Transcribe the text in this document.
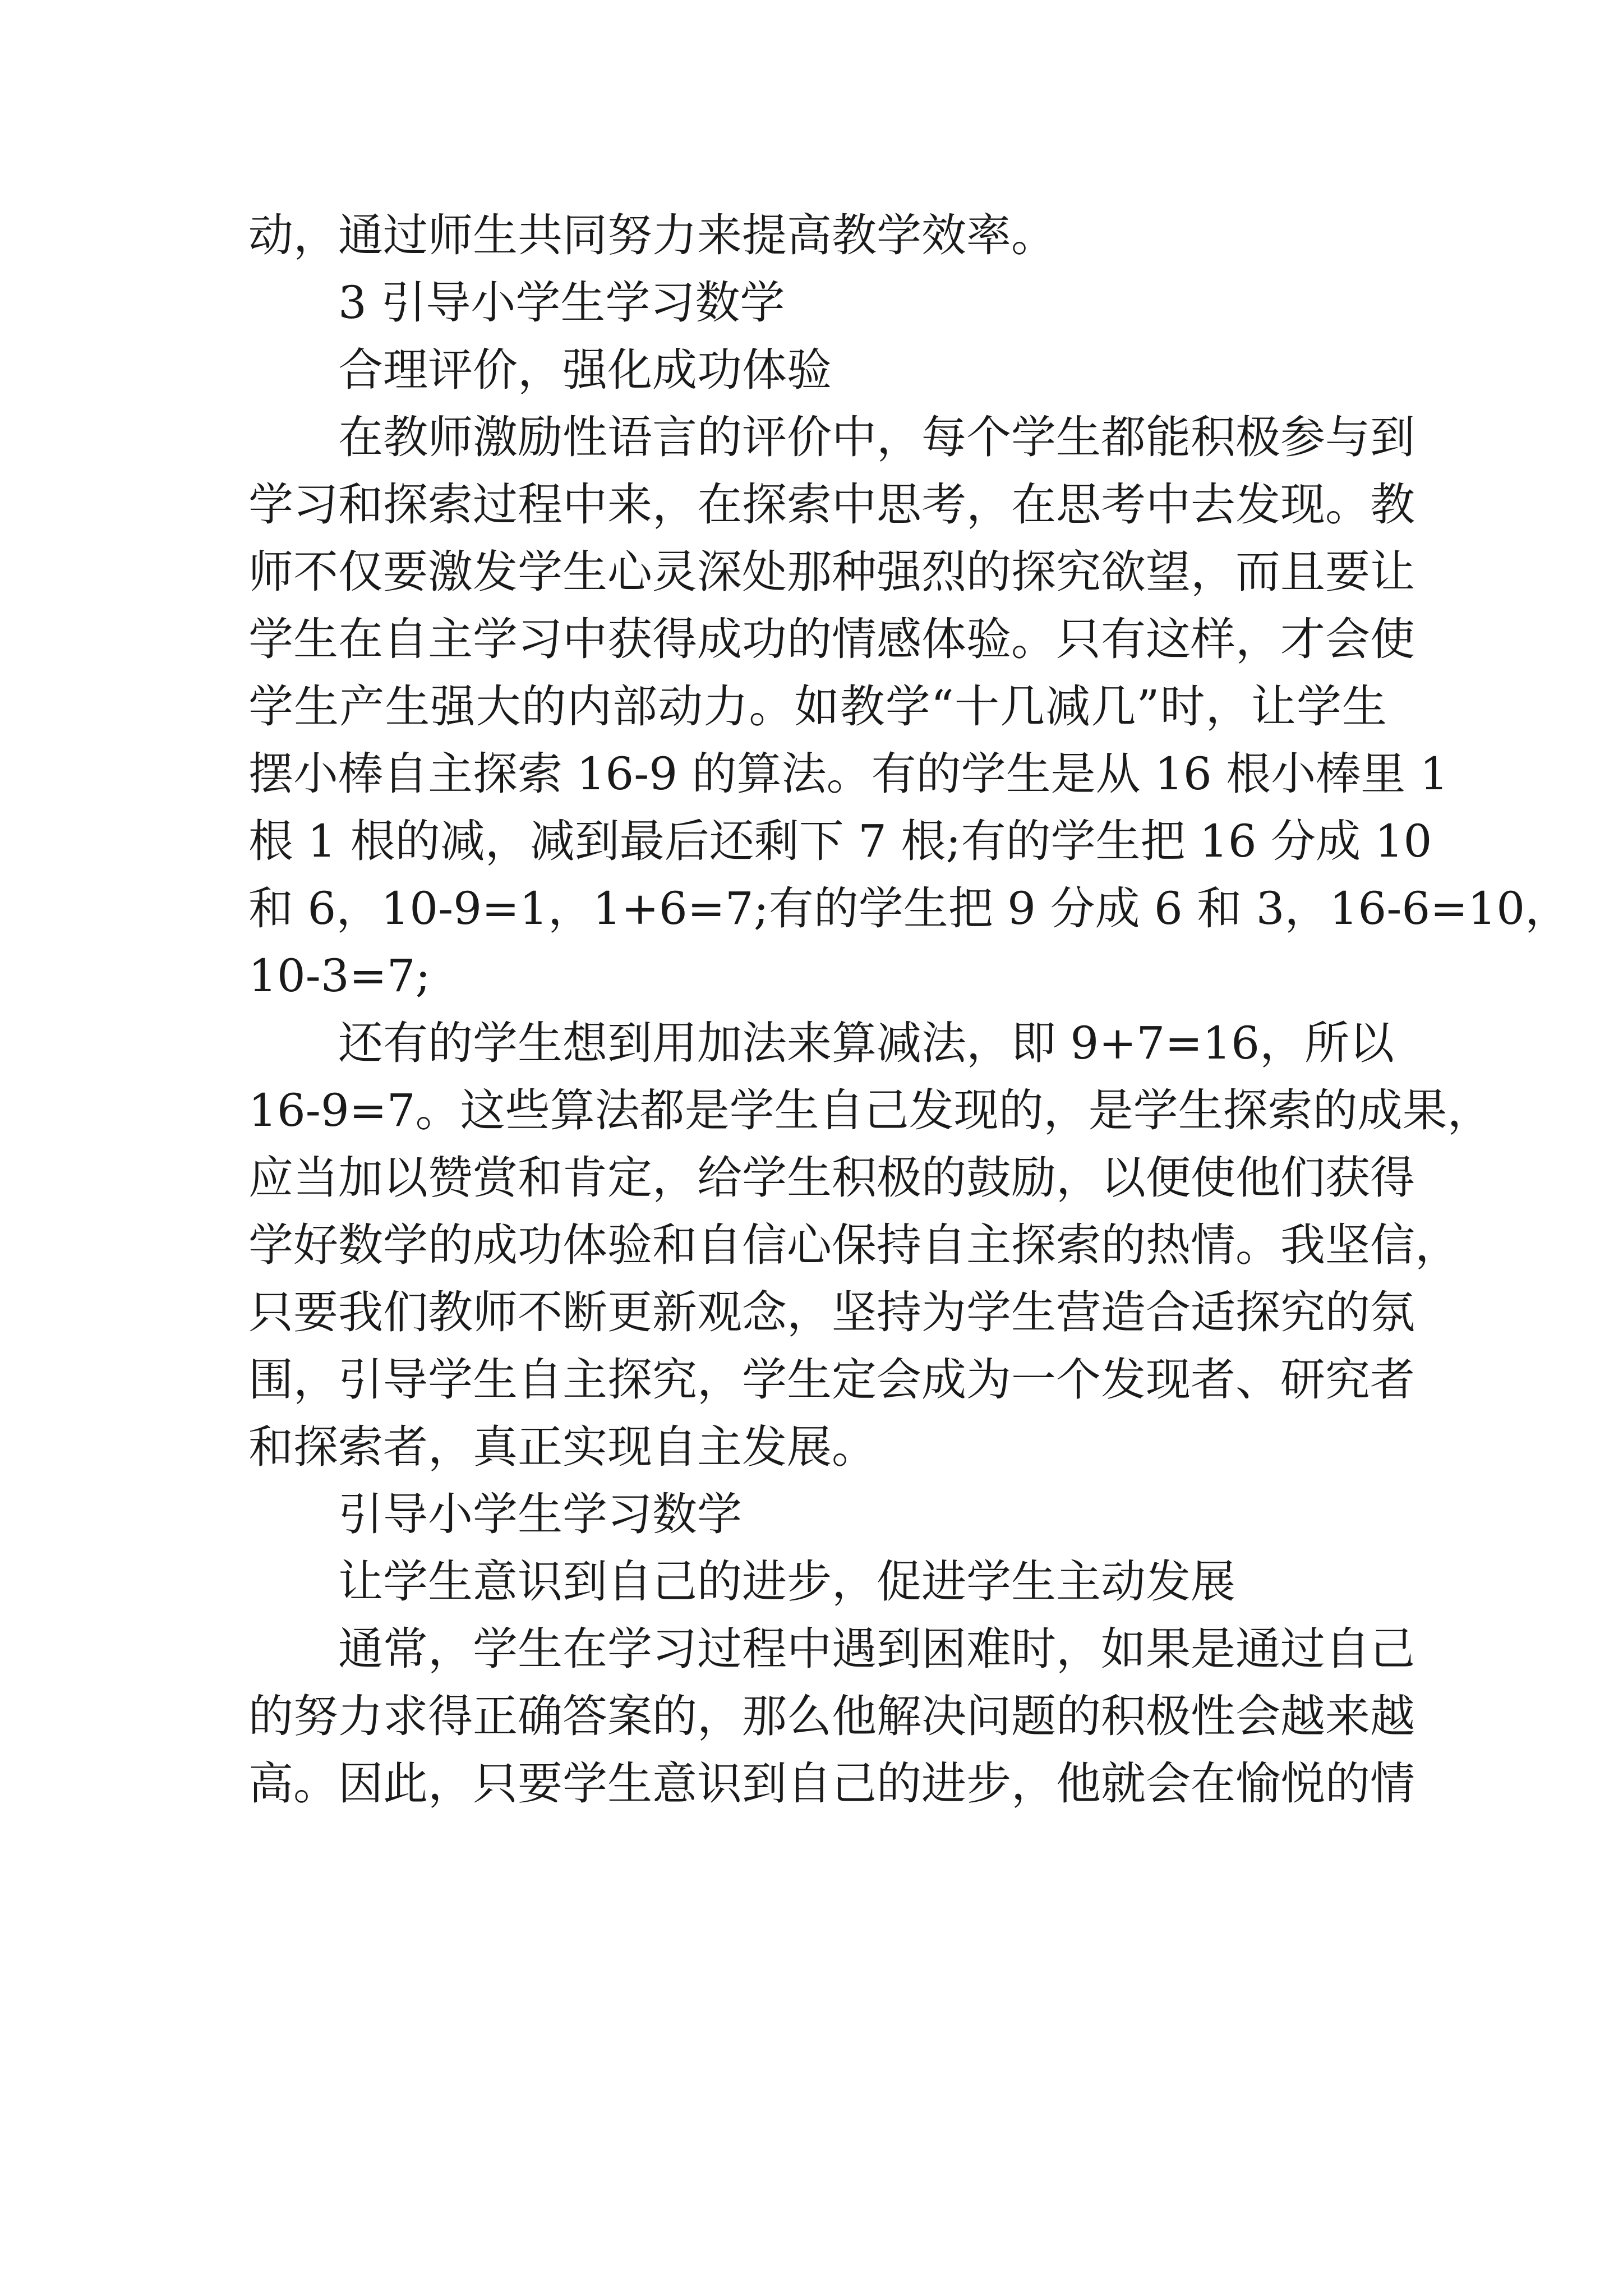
动，通过师生共同努力来提高教学效率。
3 引导小学生学习数学
合理评价，强化成功体验
在教师激励性语言的评价中，每个学生都能积极参与到
学习和探索过程中来，在探索中思考，在思考中去发现。教
师不仅要激发学生心灵深处那种强烈的探究欲望，而且要让
学生在自主学习中获得成功的情感体验。只有这样，才会使
学生产生强大的内部动力。如教学“十几减几”时，让学生
摆小棒自主探索 16-9 的算法。有的学生是从 16 根小棒里 1
根 1 根的减，减到最后还剩下 7 根;有的学生把 16 分成 10
和 6，10-9=1，1+6=7;有的学生把 9 分成 6 和 3，16-6=10，
10-3=7;
还有的学生想到用加法来算减法，即 9+7=16，所以
16-9=7。这些算法都是学生自己发现的，是学生探索的成果，
应当加以赞赏和肯定，给学生积极的鼓励，以便使他们获得
学好数学的成功体验和自信心保持自主探索的热情。我坚信，
只要我们教师不断更新观念，坚持为学生营造合适探究的氛
围，引导学生自主探究，学生定会成为一个发现者、研究者
和探索者，真正实现自主发展。
引导小学生学习数学
让学生意识到自己的进步，促进学生主动发展
通常，学生在学习过程中遇到困难时，如果是通过自己
的努力求得正确答案的，那么他解决问题的积极性会越来越
高。因此，只要学生意识到自己的进步，他就会在愉悦的情
